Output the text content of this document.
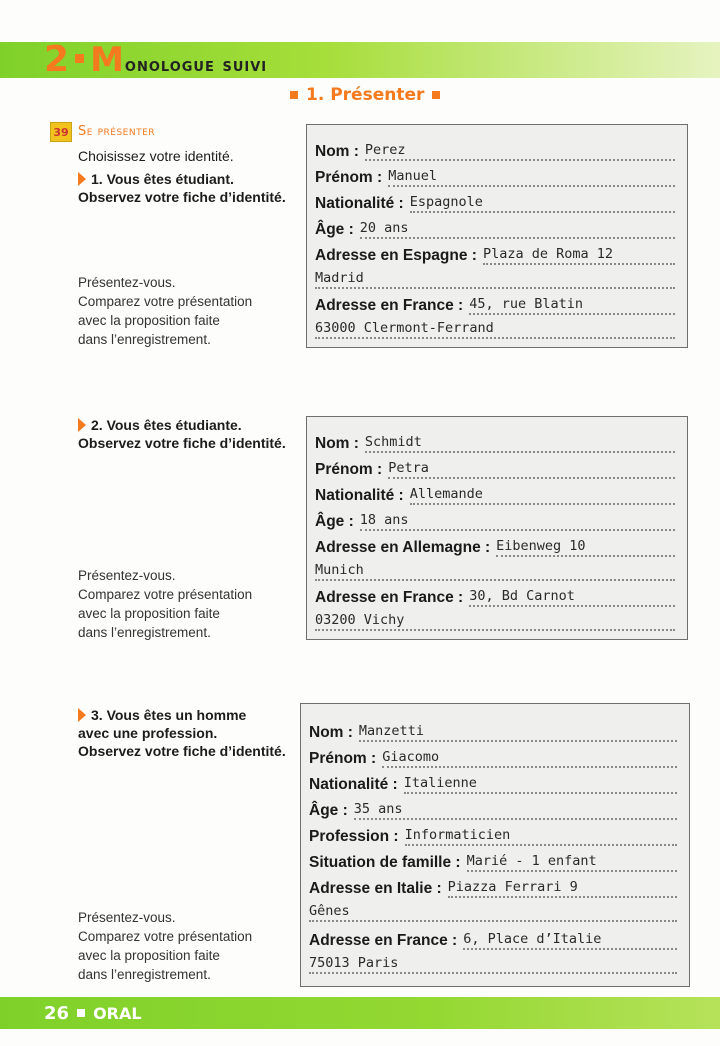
2 Monologue suivi
1. Présenter
39 Se présenter
Choisissez votre identité.
1. Vous êtes étudiant.
Observez votre fiche d’identité.
Présentez-vous.
Comparez votre présentation
avec la proposition faite
dans l’enregistrement.
Nom : Perez
Prénom : Manuel
Nationalité : Espagnole
Âge : 20 ans
Adresse en Espagne : Plaza de Roma 12
Madrid
Adresse en France : 45, rue Blatin
63000 Clermont-Ferrand
2. Vous êtes étudiante.
Observez votre fiche d’identité.
Présentez-vous.
Comparez votre présentation
avec la proposition faite
dans l’enregistrement.
Nom : Schmidt
Prénom : Petra
Nationalité : Allemande
Âge : 18 ans
Adresse en Allemagne : Eibenweg 10
Munich
Adresse en France : 30, Bd Carnot
03200 Vichy
3. Vous êtes un homme
avec une profession.
Observez votre fiche d’identité.
Présentez-vous.
Comparez votre présentation
avec la proposition faite
dans l’enregistrement.
Nom : Manzetti
Prénom : Giacomo
Nationalité : Italienne
Âge : 35 ans
Profession : Informaticien
Situation de famille : Marié - 1 enfant
Adresse en Italie : Piazza Ferrari 9
Gênes
Adresse en France : 6, Place d’Italie
75013 Paris
26 ORAL
